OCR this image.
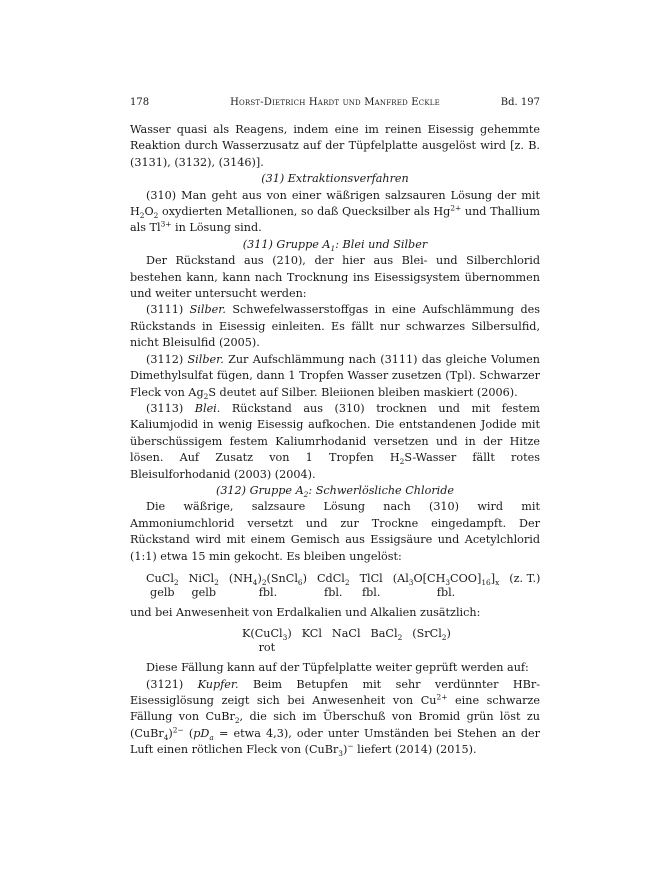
178	Horst-Dietrich Hardt und Manfred Eckle	Bd. 197

Wasser quasi als Reagens, indem eine im reinen Eisessig gehemmte Reaktion durch Wasserzusatz auf der Tüpfelplatte ausgelöst wird [z. B. (3131), (3132), (3146)].

(31) Extraktionsverfahren

(310) Man geht aus von einer wäßrigen salzsauren Lösung der mit $H_2O_2$ oxydierten Metallionen, so daß Quecksilber als $Hg^{2+}$ und Thallium als $Tl^{3+}$ in Lösung sind.

(311) Gruppe $A_1$: Blei und Silber

Der Rückstand aus (210), der hier aus Blei- und Silberchlorid bestehen kann, kann nach Trocknung ins Eisessigsystem übernommen und weiter untersucht werden:

(3111) Silber. Schwefelwasserstoffgas in eine Aufschlämmung des Rückstands in Eisessig einleiten. Es fällt nur schwarzes Silbersulfid, nicht Bleisulfid (2005).

(3112) Silber. Zur Aufschlämmung nach (3111) das gleiche Volumen Dimethylsulfat fügen, dann 1 Tropfen Wasser zusetzen (Tpl). Schwarzer Fleck von $Ag_2S$ deutet auf Silber. Bleiionen bleiben maskiert (2006).

(3113) Blei. Rückstand aus (310) trocknen und mit festem Kaliumjodid in wenig Eisessig aufkochen. Die entstandenen Jodide mit überschüssigem festem Kaliumrhodanid versetzen und in der Hitze lösen. Auf Zusatz von 1 Tropfen $H_2S$-Wasser fällt rotes Bleisulforhodanid (2003) (2004).

(312) Gruppe $A_2$: Schwerlösliche Chloride

Die wäßrige, salzsaure Lösung nach (310) wird mit Ammoniumchlorid versetzt und zur Trockne eingedampft. Der Rückstand wird mit einem Gemisch aus Essigsäure und Acetylchlorid (1:1) etwa 15 min gekocht. Es bleiben ungelöst:

CuCl$_2$
gelb
NiCl$_2$
gelb
$(NH_4)_2(SnCl_6)$
fbl.
CdCl$_2$
fbl.
TlCl
fbl.
$(Al_3O[CH_3COO]_{16}]_x$
fbl.
(z. T.)

und bei Anwesenheit von Erdalkalien und Alkalien zusätzlich:

K(CuCl$_3$)
rot
KCl NaCl BaCl$_2$ (SrCl$_2$)

Diese Fällung kann auf der Tüpfelplatte weiter geprüft werden auf:

(3121) Kupfer. Beim Betupfen mit sehr verdünnter HBr-Eisessiglösung zeigt sich bei Anwesenheit von $Cu^{2+}$ eine schwarze Fällung von CuBr$_2$, die sich im Überschuß von Bromid grün löst zu (CuBr$_4$)$^{2-}$ ($pD_a$ = etwa 4,3), oder unter Umständen bei Stehen an der Luft einen rötlichen Fleck von (CuBr$_3$)− liefert (2014) (2015).
